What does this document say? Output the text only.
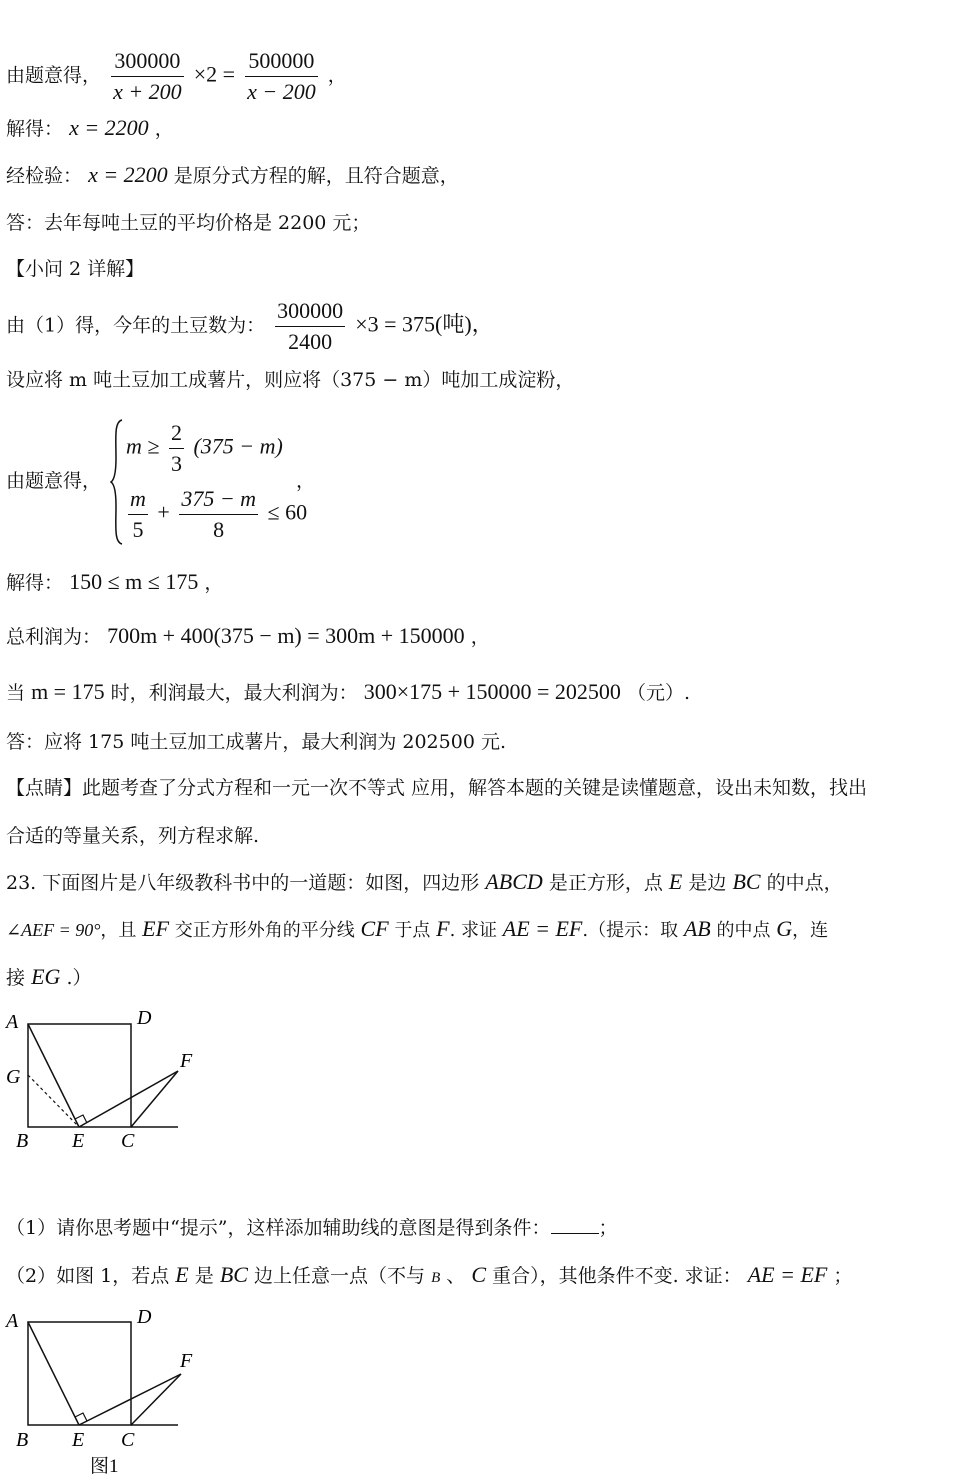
由题意得， $\frac{300000}{x + 200} \times 2 = \frac{500000}{x - 200}$ ，
解得： x = 2200 ，
经检验： x = 2200 是原分式方程的解，且符合题意，
答：去年每吨土豆的平均价格是 2200 元；
【小问 2 详解】
由（1）得，今年的土豆数为： $\frac{300000}{2400} \times 3 = 375$(吨)，
设应将 m 吨土豆加工成薯片，则应将（375 − m）吨加工成淀粉，
由题意得，
$m \ge \frac{2}{3} (375 - m)$
$\frac{m}{5} + \frac{375 - m}{8} \le 60$
，
解得： 150 ≤ m ≤ 175 ，
总利润为： 700m + 400(375 − m) = 300m + 150000 ，
当 m = 175 时，利润最大，最大利润为： 300×175 + 150000 = 202500 （元）.
答：应将 175 吨土豆加工成薯片，最大利润为 202500 元.
【点睛】此题考查了分式方程和一元一次不等式 应用，解答本题的关键是读懂题意，设出未知数，找出
合适的等量关系，列方程求解.
23. 下面图片是八年级教科书中的一道题：如图，四边形 ABCD 是正方形，点 E 是边 BC 的中点，
∠AEF = 90°，且 EF 交正方形外角的平分线 CF 于点 F. 求证 AE = EF.（提示：取 AB 的中点 G，连
接 EG .）
A	D
G
F
B E C
（1）请你思考题中“提示”，这样添加辅助线的意图是得到条件：	；
（2）如图 1，若点 E 是 BC 边上任意一点（不与 B 、 C 重合），其他条件不变. 求证： AE = EF ；
A	D
F
B E C
图1
